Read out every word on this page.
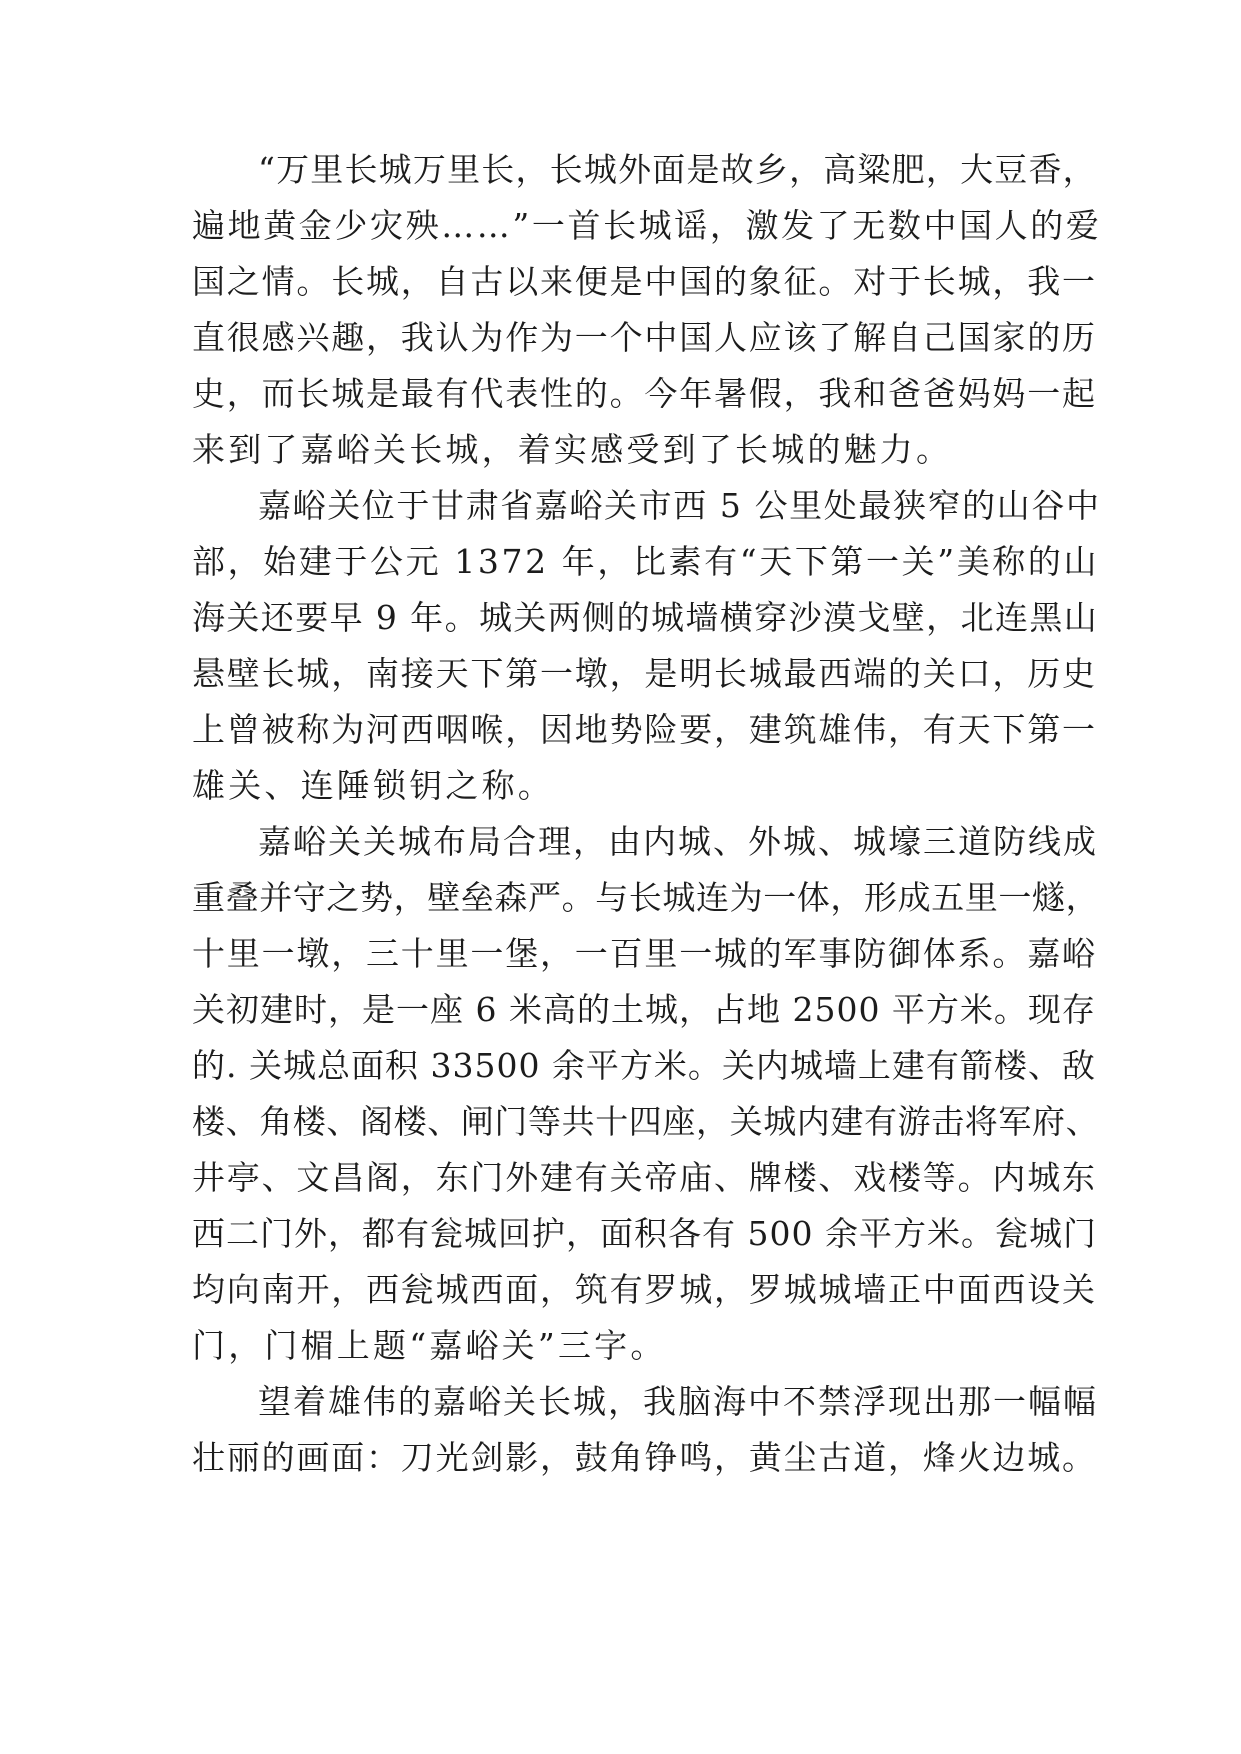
“万里长城万里长，长城外面是故乡，高粱肥，大豆香，
遍地黄金少灾殃……”一首长城谣，激发了无数中国人的爱
国之情。长城，自古以来便是中国的象征。对于长城，我一
直很感兴趣，我认为作为一个中国人应该了解自己国家的历
史，而长城是最有代表性的。今年暑假，我和爸爸妈妈一起
来到了嘉峪关长城，着实感受到了长城的魅力。
嘉峪关位于甘肃省嘉峪关市西 5 公里处最狭窄的山谷中
部，始建于公元 1372 年，比素有“天下第一关”美称的山
海关还要早 9 年。城关两侧的城墙横穿沙漠戈壁，北连黑山
悬壁长城，南接天下第一墩，是明长城最西端的关口，历史
上曾被称为河西咽喉，因地势险要，建筑雄伟，有天下第一
雄关、连陲锁钥之称。
嘉峪关关城布局合理，由内城、外城、城壕三道防线成
重叠并守之势，壁垒森严。与长城连为一体，形成五里一燧，
十里一墩，三十里一堡，一百里一城的军事防御体系。嘉峪
关初建时，是一座 6 米高的土城，占地 2500 平方米。现存
的. 关城总面积 33500 余平方米。关内城墙上建有箭楼、敌
楼、角楼、阁楼、闸门等共十四座，关城内建有游击将军府、
井亭、文昌阁，东门外建有关帝庙、牌楼、戏楼等。内城东
西二门外，都有瓮城回护，面积各有 500 余平方米。瓮城门
均向南开，西瓮城西面，筑有罗城，罗城城墙正中面西设关
门，门楣上题“嘉峪关”三字。
望着雄伟的嘉峪关长城，我脑海中不禁浮现出那一幅幅
壮丽的画面：刀光剑影，鼓角铮鸣，黄尘古道，烽火边城。
